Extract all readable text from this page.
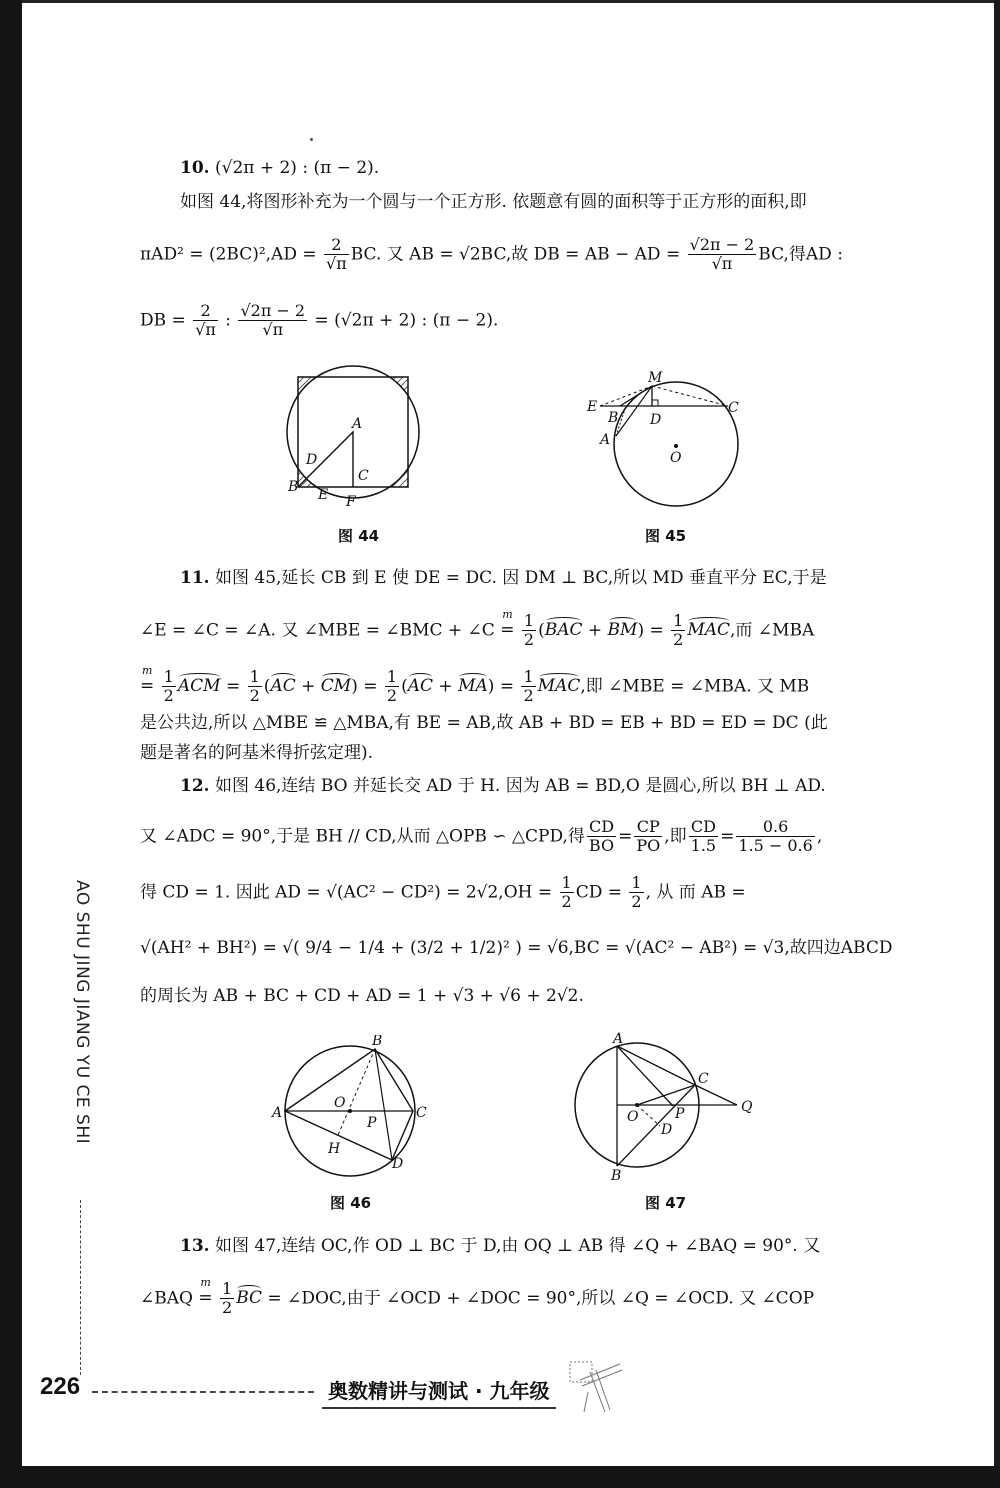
10. (√2π + 2) : (π − 2).
如图 44,将图形补充为一个圆与一个正方形. 依题意有圆的面积等于正方形的面积,即
$\pi AD^2 = (2BC)^2,AD = \frac{2}{√\pi}$ BC. 又 AB = √2BC,故 DB = AB − AD = $\frac{√2\pi - 2}{√\pi}$ BC,得AD :
DB = $\frac{2}{√\pi}$ : $\frac{√2\pi - 2}{√\pi} = (√2\pi + 2)$ : (π − 2).
A
D
B E F
C
图 44
M
E
B D
C
A
O
图 45
11. 如图 45,延长 CB 到 E 使 DE = DC. 因 DM ⊥ BC,所以 MD 垂直平分 EC,于是
∠E = ∠C = ∠A. 又 ∠MBE = ∠BMC + ∠C
m
= $\frac{1}{2} (BAC + BM) = \frac{1}{2}$ MAC,而 ∠MBA
m
= $\frac{1}{2}$ ACM = $\frac{1}{2} (AC + CM) = \frac{1}{2} (AC + MA) = \frac{1}{2}$ MAC,即 ∠MBE = ∠MBA. 又 MB
是公共边,所以 △MBE ≌ △MBA,有 BE = AB,故 AB + BD = EB + BD = ED = DC (此
题是著名的阿基米得折弦定理).
12. 如图 46,连结 BO 并延长交 AD 于 H. 因为 AB = BD,O 是圆心,所以 BH ⊥ AD.
又 ∠ADC = 90°,于是 BH // CD,从而 △OPB ∽ △CPD,得 $\frac{CD}{BO} = \frac{CP}{PO}$ ,即 $\frac{CD}{1.5} = \frac{0.6}{1.5 - 0.6}$ ,
得 CD = 1. 因此 AD = $√(AC^2 - CD^2) = 2√2,OH = \frac{1}{2}$ CD = $\frac{1}{2}$ , 从 而 AB =
√(AH² + BH²) = √( 9/4 − 1/4 + (3/2 + 1/2)² ) = √6,BC = √(AC² − AB²) = √3,故四边ABCD
的周长为 AB + BC + CD + AD = 1 + √3 + √6 + 2√2.
B
A
O
P
C
H
D
图 46
A
C
O	P	Q
D
B
图 47
13. 如图 47,连结 OC,作 OD ⊥ BC 于 D,由 OQ ⊥ AB 得 ∠Q + ∠BAQ = 90°. 又
∠BAQ
m
= $\frac{1}{2}$ BC = ∠DOC,由于 ∠OCD + ∠DOC = 90°,所以 ∠Q = ∠OCD. 又 ∠COP
AO SHU JING JIANG YU CE SHI
226	奥数精讲与测试 · 九年级
